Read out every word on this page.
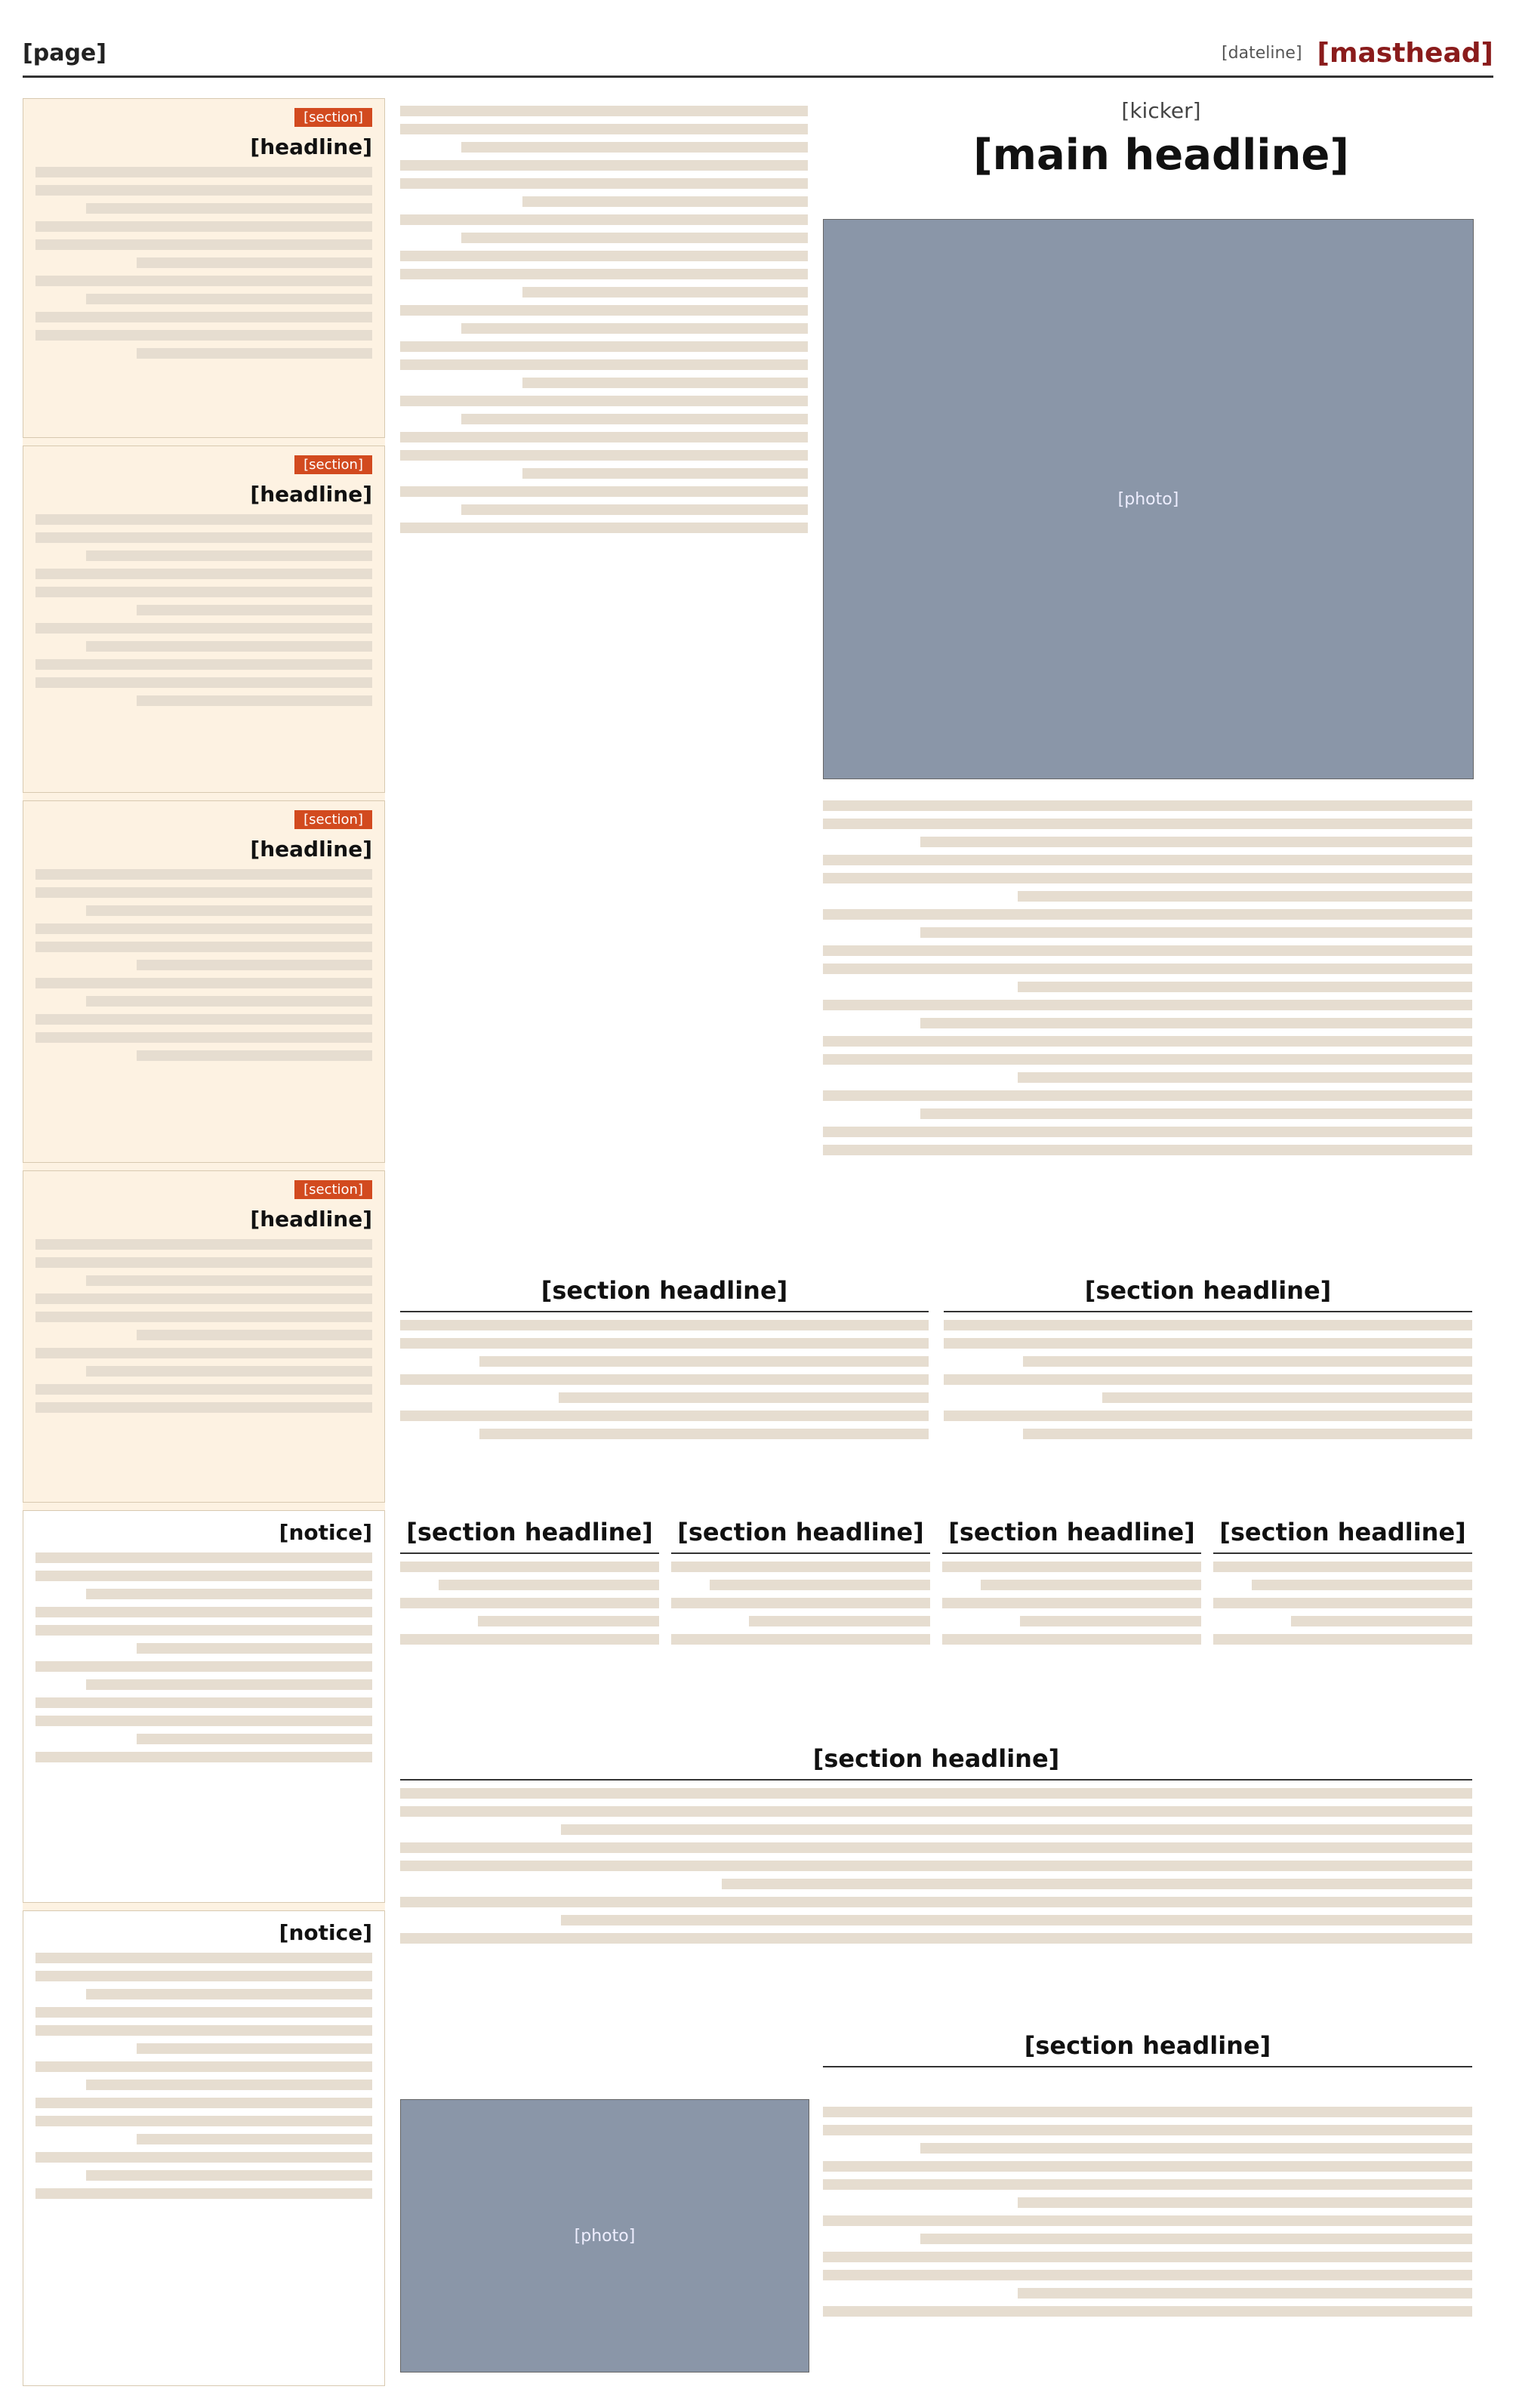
[masthead]
[dateline]
[page]
[section]
[headline]
[section]
[headline]
[section]
[headline]
[section]
[headline]
[notice]
[notice]
[kicker]
[main headline]
[photo]
[section headline]
[section headline]
[section headline]
[section headline]
[section headline]
[section headline]
[section headline]
[section headline]
[photo]
